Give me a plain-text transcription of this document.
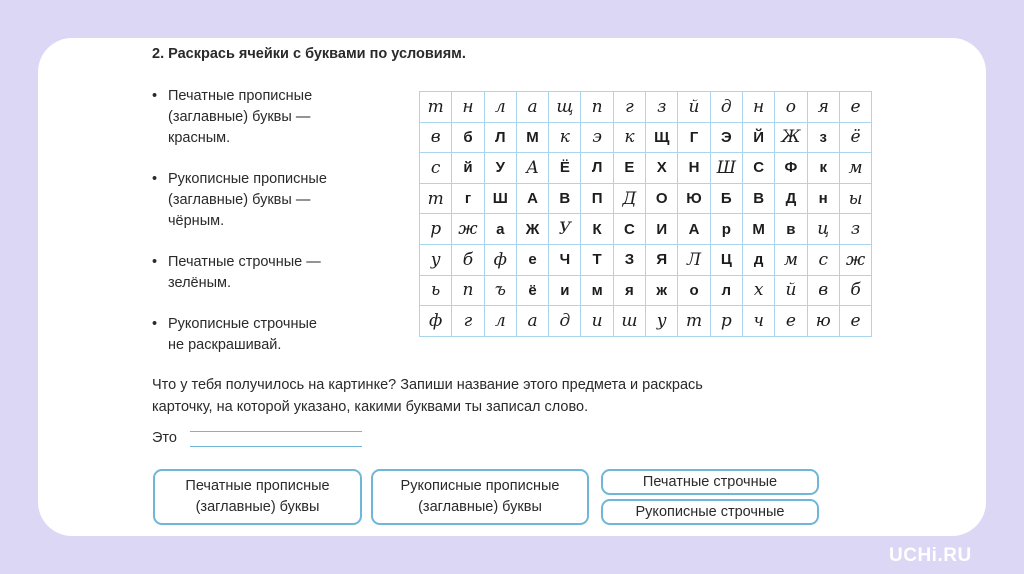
2. Раскрась ячейки с буквами по условиям.
• Печатные прописные
(заглавные) буквы —
красным.
• Рукописные прописные
(заглавные) буквы —
чёрным.
• Печатные строчные —
зелёным.
• Рукописные строчные
не раскрашивай.
т	н	л	а	щ	п	г	з	й	д	н	о	я	е
в	б	Л	М	к	э	к	Щ	Г	Э	Й	Ж	з	ё
с	й	У	А	Ё	Л	Е	Х	Н	Ш	С	Ф	к	м
т	г	Ш	А	В	П	Д	О	Ю	Б	В	Д	н	ы
р	ж	а	Ж	У	К	С	И	А	р	М	в	ц	з
у	б	ф	е	Ч	Т	З	Я	Л	Ц	д	м	с	ж
ь	п	ъ	ё	и	м	я	ж	о	л	х	й	в	б
ф	г	л	а	д	и	ш	у	т	р	ч	е	ю	е
Что у тебя получилось на картинке? Запиши название этого предмета и раскрась
карточку, на которой указано, какими буквами ты записал слово.
Это
Печатные прописные
(заглавные) буквы
Рукописные прописные
(заглавные) буквы
Печатные строчные
Рукописные строчные
UCHi.RU
